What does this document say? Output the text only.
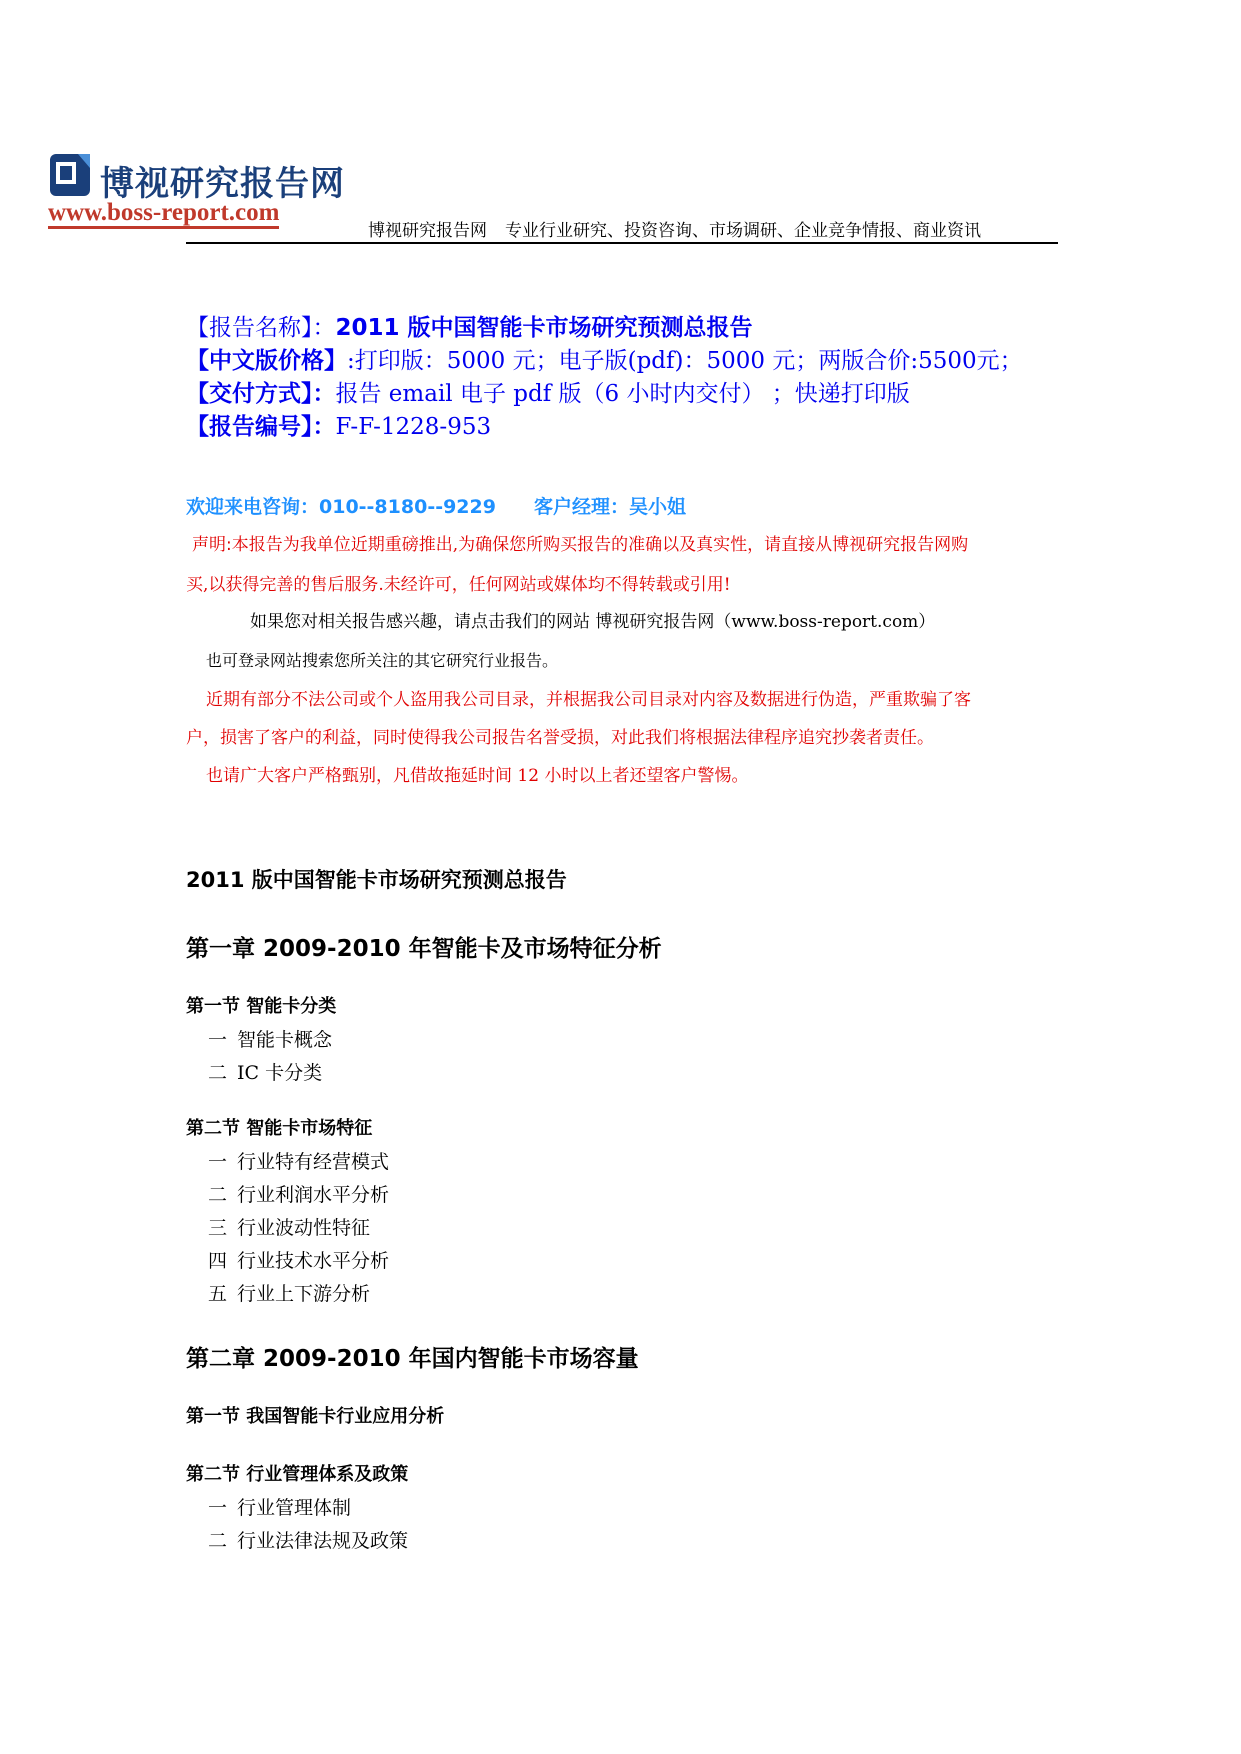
博视研究报告网
www.boss-report.com
博视研究报告网 专业行业研究、投资咨询、市场调研、企业竞争情报、商业资讯
【报告名称】：2011 版中国智能卡市场研究预测总报告
【中文版价格】:打印版：5000 元；电子版(pdf)：5000 元；两版合价:5500元；
【交付方式】：报告 email 电子 pdf 版（6 小时内交付） ；快递打印版
【报告编号】：F-F-1228-953
欢迎来电咨询：010--8180--9229 客户经理：吴小姐
声明:本报告为我单位近期重磅推出,为确保您所购买报告的准确以及真实性，请直接从博视研究报告网购
买,以获得完善的售后服务.未经许可，任何网站或媒体均不得转载或引用!
如果您对相关报告感兴趣，请点击我们的网站 博视研究报告网（www.boss-report.com）
也可登录网站搜索您所关注的其它研究行业报告。
近期有部分不法公司或个人盗用我公司目录，并根据我公司目录对内容及数据进行伪造，严重欺骗了客
户，损害了客户的利益，同时使得我公司报告名誉受损，对此我们将根据法律程序追究抄袭者责任。
也请广大客户严格甄别，凡借故拖延时间 12 小时以上者还望客户警惕。
2011 版中国智能卡市场研究预测总报告
第一章 2009-2010 年智能卡及市场特征分析
第一节 智能卡分类
一 智能卡概念
二 IC 卡分类
第二节 智能卡市场特征
一 行业特有经营模式
二 行业利润水平分析
三 行业波动性特征
四 行业技术水平分析
五 行业上下游分析
第二章 2009-2010 年国内智能卡市场容量
第一节 我国智能卡行业应用分析
第二节 行业管理体系及政策
一 行业管理体制
二 行业法律法规及政策
